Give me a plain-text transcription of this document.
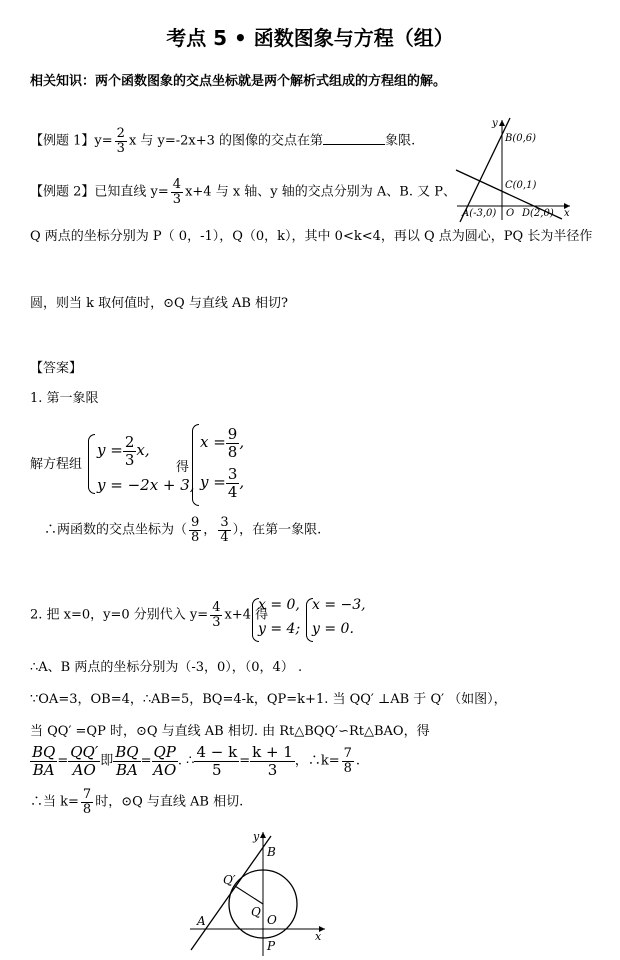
考点 5 • 函数图象与方程（组）
相关知识：两个函数图象的交点坐标就是两个解析式组成的方程组的解。
【例题 1】$y= \frac{2}{3}$ x 与 y=-2x+3 的图像的交点在第	象限.
【例题 2】已知直线 $y= \frac{4}{3} x+4$ 与 x 轴、y 轴的交点分别为 A、B. 又 P、
Q 两点的坐标分别为 P（ 0，-1），Q（0，k），其中 0<k<4，再以 Q 点为圆心，PQ 长为半径作
圆，则当 k 取何值时，⊙Q 与直线 AB 相切?
y
x
B(0,6)
C(0,1)
A(-3,0) O D(2,0)
【答案】
1. 第一象限
解方程组
$y = \frac{2}{3} x$,
y = −2x + 3,
得
$x = \frac{9}{8}$ ,
$y = \frac{3}{4}$ ,
∴两函数的交点坐标为（ $\frac{9}{8}$ ， $\frac{3}{4}$ ），在第一象限.
2. 把 x=0，y=0 分别代入 $y= \frac{4}{3} x+4$ 得
x = 0,
y = 4;
x = −3,
y = 0.
∴A、B 两点的坐标分别为（-3，0），（0，4） .
∵OA=3，OB=4，∴AB=5，BQ=4-k，QP=k+1. 当 QQ′ ⊥AB 于 Q′ （如图），
当 QQ′ =QP 时，⊙Q 与直线 AB 相切. 由 Rt△BQQ′∽Rt△BAO，得
$\frac{BQ}{BA} = \frac{QQ'}{AO}$ 即 $\frac{BQ}{BA} = \frac{QP}{AO}$ . ∴ $\frac{4 - k}{5} = \frac{k + 1}{3}$ ，∴k= $\frac{7}{8}$ .
∴当 $k= \frac{7}{8}$ 时，⊙Q 与直线 AB 相切.
y
x
B
Q′
Q
O
A
P
